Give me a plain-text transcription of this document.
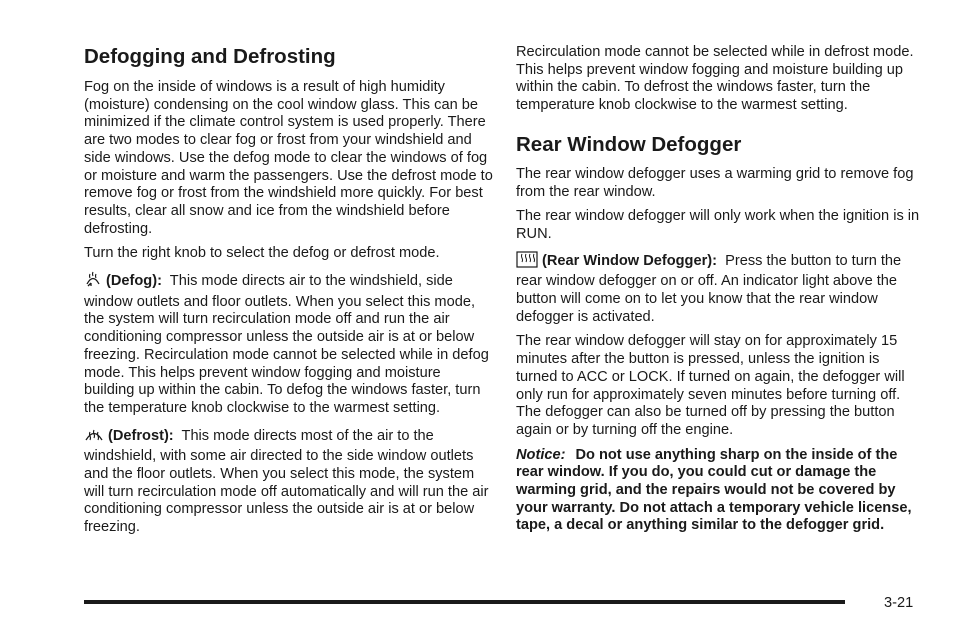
Defogging and Defrosting

Fog on the inside of windows is a result of high humidity (moisture) condensing on the cool window glass. This can be minimized if the climate control system is used properly. There are two modes to clear fog or frost from your windshield and side windows. Use the defog mode to clear the windows of fog or moisture and warm the passengers. Use the defrost mode to remove fog or frost from the windshield more quickly. For best results, clear all snow and ice from the windshield before defrosting.

Turn the right knob to select the defog or defrost mode.

(Defog): This mode directs air to the windshield, side window outlets and floor outlets. When you select this mode, the system will turn recirculation mode off and run the air conditioning compressor unless the outside air is at or below freezing. Recirculation mode cannot be selected while in defog mode. This helps prevent window fogging and moisture building up within the cabin. To defog the windows faster, turn the temperature knob clockwise to the warmest setting.

(Defrost): This mode directs most of the air to the windshield, with some air directed to the side window outlets and the floor outlets. When you select this mode, the system will turn recirculation mode off automatically and will run the air conditioning compressor unless the outside air is at or below freezing.

Recirculation mode cannot be selected while in defrost mode. This helps prevent window fogging and moisture building up within the cabin. To defrost the windows faster, turn the temperature knob clockwise to the warmest setting.

Rear Window Defogger

The rear window defogger uses a warming grid to remove fog from the rear window.

The rear window defogger will only work when the ignition is in RUN.

(Rear Window Defogger): Press the button to turn the rear window defogger on or off. An indicator light above the button will come on to let you know that the rear window defogger is activated.

The rear window defogger will stay on for approximately 15 minutes after the button is pressed, unless the ignition is turned to ACC or LOCK. If turned on again, the defogger will only run for approximately seven minutes before turning off. The defogger can also be turned off by pressing the button again or by turning off the engine.

Notice: Do not use anything sharp on the inside of the rear window. If you do, you could cut or damage the warming grid, and the repairs would not be covered by your warranty. Do not attach a temporary vehicle license, tape, a decal or anything similar to the defogger grid.

3-21
